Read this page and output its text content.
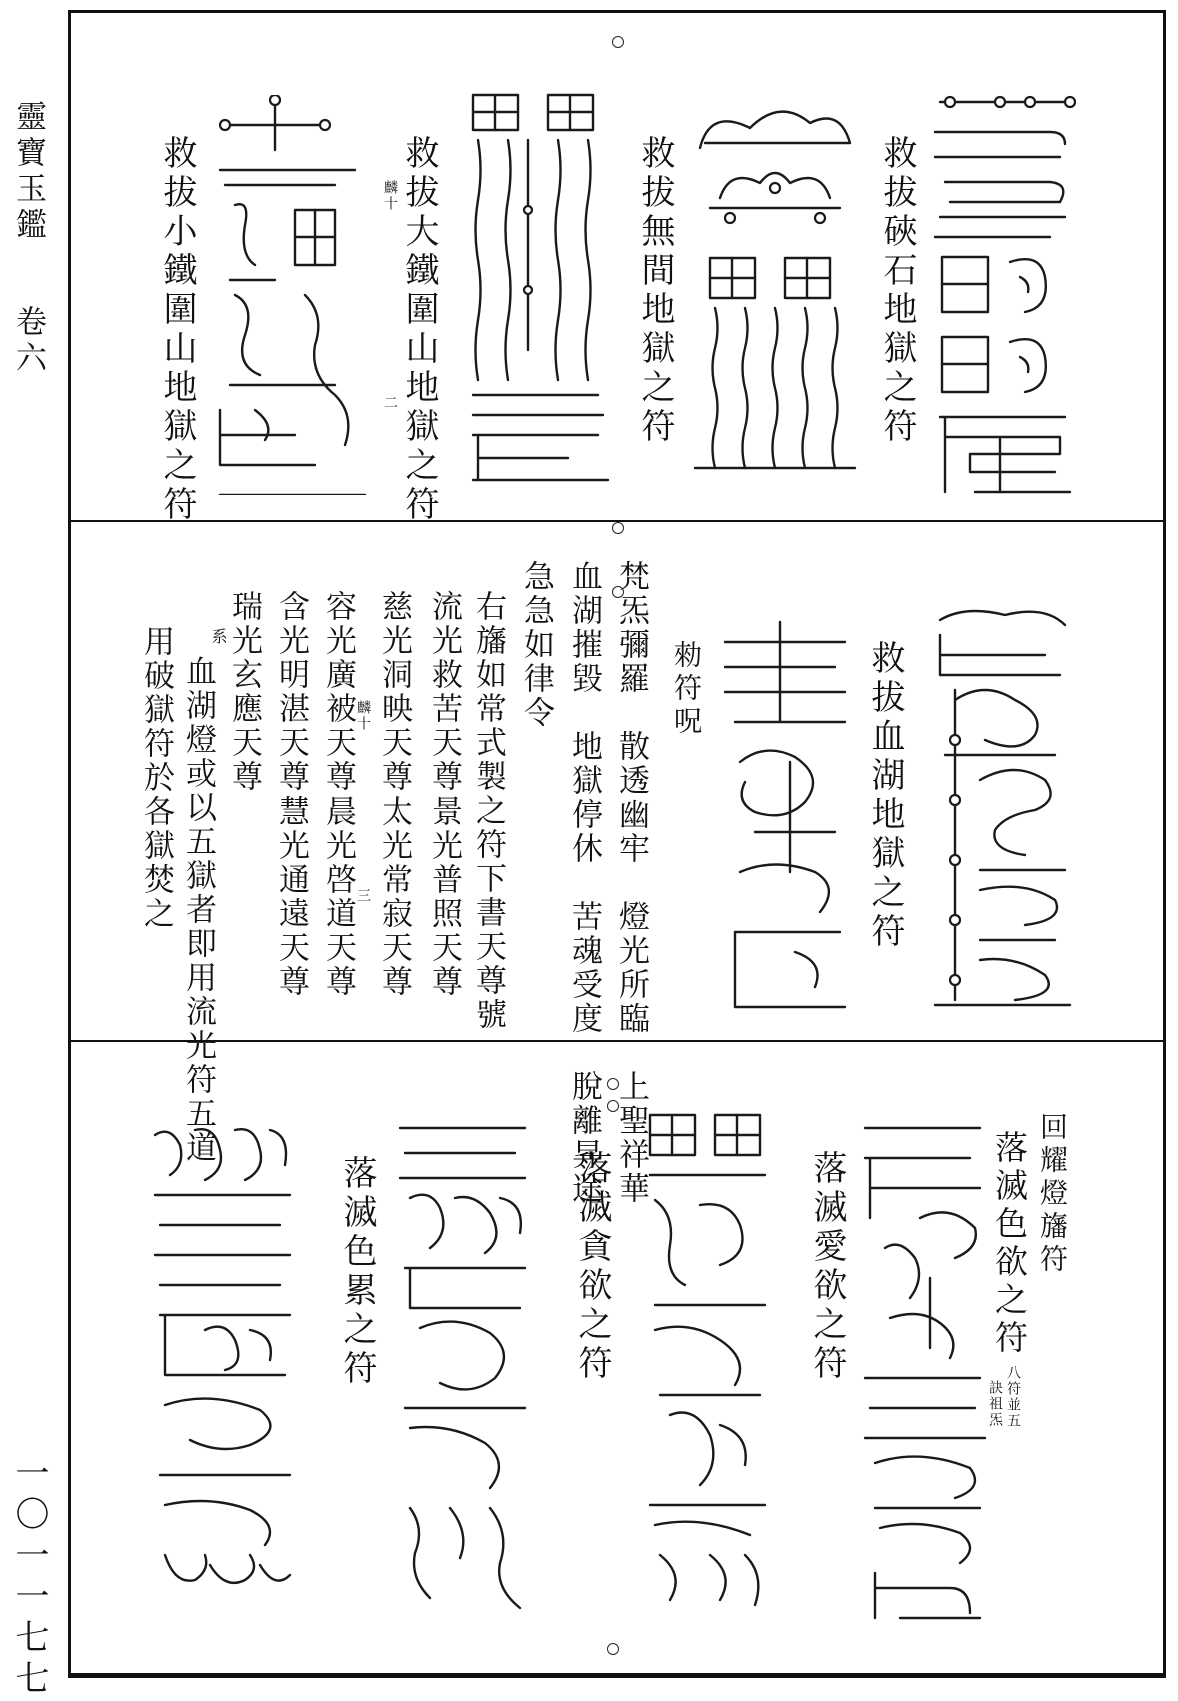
靈寶玉鑑
卷六
一〇一一七七
救拔硤石地獄之符
救拔無間地獄之符
救拔大鐵圍山地獄之符
麟十
二
救拔小鐵圍山地獄之符
救拔血湖地獄之符
勑符呪
梵炁彌羅　散透幽牢　燈光所臨　上聖祥華
血湖摧毀　地獄停休　苦魂受度　脫離昇途
急急如律令
右旛如常式製之符下書天尊號
流光救苦天尊
景光普照天尊
慈光洞映天尊
太光常寂天尊
麟十
三
容光廣被天尊
晨光啓道天尊
含光明湛天尊
慧光通遠天尊
瑞光玄應天尊
系
血湖燈或以五獄者即用流光符五道
用破獄符於各獄焚之
回耀燈旛符
落滅色欲之符
八符並五
訣祖炁
落滅愛欲之符
落滅貪欲之符
落滅色累之符
